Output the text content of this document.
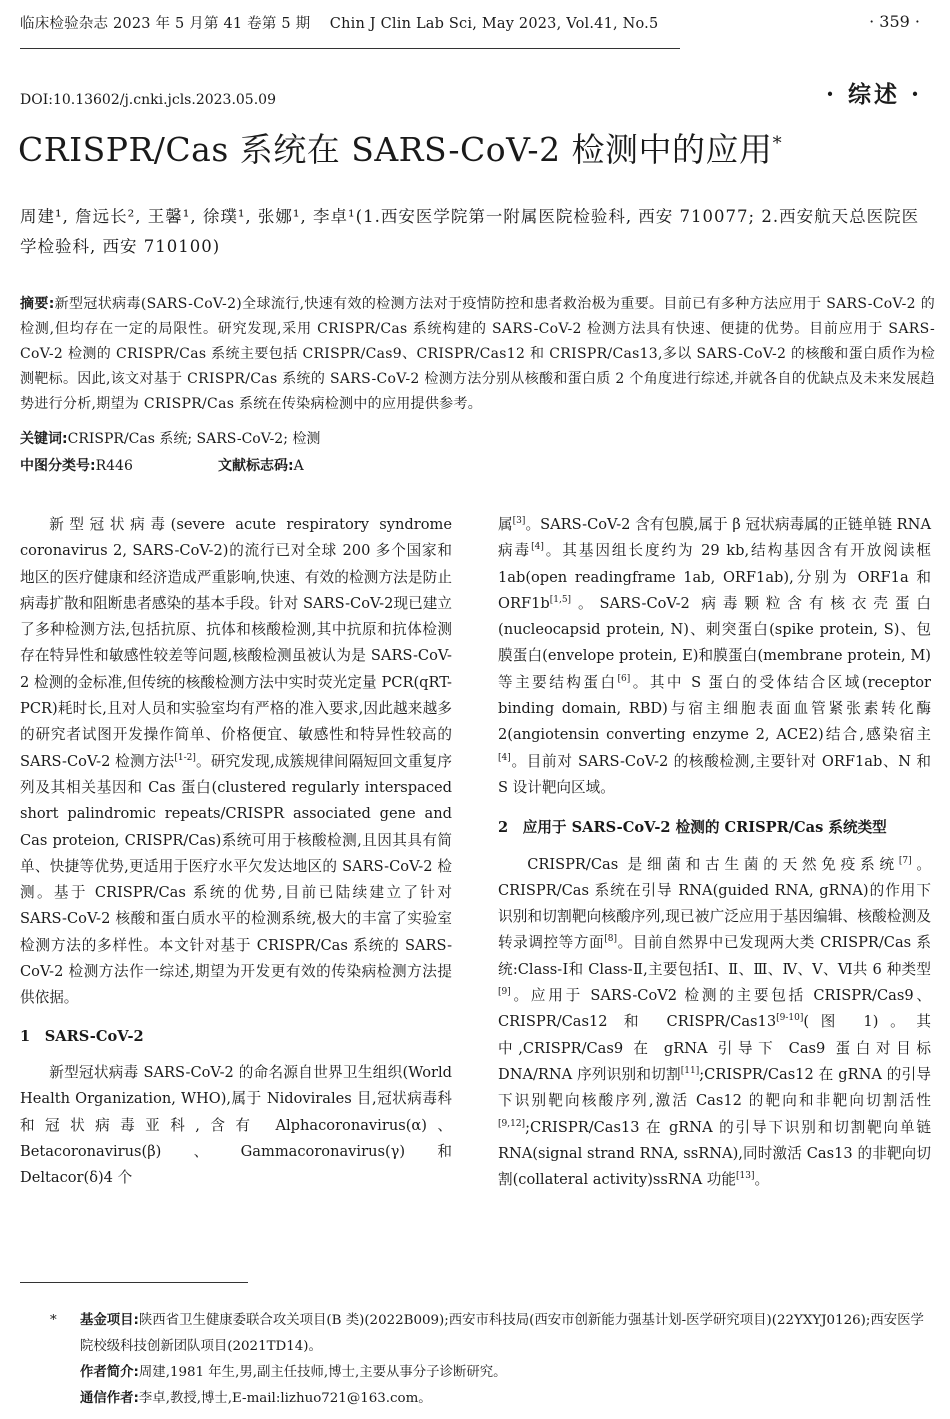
临床检验杂志 2023 年 5 月第 41 卷第 5 期　 Chin J Clin Lab Sci, May 2023, Vol.41, No.5	· 359 ·
· 综述 ·
DOI:10.13602/j.cnki.jcls.2023.05.09
CRISPR/Cas 系统在 SARS-CoV-2 检测中的应用*
周建¹, 詹远长², 王馨¹, 徐璞¹, 张娜¹, 李卓¹(1.西安医学院第一附属医院检验科, 西安 710077; 2.西安航天总医院医学检验科, 西安 710100)
摘要:新型冠状病毒(SARS-CoV-2)全球流行,快速有效的检测方法对于疫情防控和患者救治极为重要。目前已有多种方法应用于 SARS-CoV-2 的检测,但均存在一定的局限性。研究发现,采用 CRISPR/Cas 系统构建的 SARS-CoV-2 检测方法具有快速、便捷的优势。目前应用于 SARS-CoV-2 检测的 CRISPR/Cas 系统主要包括 CRISPR/Cas9、CRISPR/Cas12 和 CRISPR/Cas13,多以 SARS-CoV-2 的核酸和蛋白质作为检测靶标。因此,该文对基于 CRISPR/Cas 系统的 SARS-CoV-2 检测方法分别从核酸和蛋白质 2 个角度进行综述,并就各自的优缺点及未来发展趋势进行分析,期望为 CRISPR/Cas 系统在传染病检测中的应用提供参考。
关键词:CRISPR/Cas 系统; SARS-CoV-2; 检测
中图分类号:R446	文献标志码:A

新型冠状病毒(severe acute respiratory syndrome coronavirus 2, SARS-CoV-2)的流行已对全球 200 多个国家和地区的医疗健康和经济造成严重影响,快速、有效的检测方法是防止病毒扩散和阻断患者感染的基本手段。针对 SARS-CoV-2现已建立了多种检测方法,包括抗原、抗体和核酸检测,其中抗原和抗体检测存在特异性和敏感性较差等问题,核酸检测虽被认为是 SARS-CoV-2 检测的金标准,但传统的核酸检测方法中实时荧光定量 PCR(qRT-PCR)耗时长,且对人员和实验室均有严格的准入要求,因此越来越多的研究者试图开发操作简单、价格便宜、敏感性和特异性较高的 SARS-CoV-2 检测方法[1-2]。研究发现,成簇规律间隔短回文重复序列及其相关基因和 Cas 蛋白(clustered regularly interspaced short palindromic repeats/CRISPR associated gene and Cas proteion, CRISPR/Cas)系统可用于核酸检测,且因其具有简单、快捷等优势,更适用于医疗水平欠发达地区的 SARS-CoV-2 检测。基于 CRISPR/Cas 系统的优势,目前已陆续建立了针对 SARS-CoV-2 核酸和蛋白质水平的检测系统,极大的丰富了实验室检测方法的多样性。本文针对基于 CRISPR/Cas 系统的 SARS-CoV-2 检测方法作一综述,期望为开发更有效的传染病检测方法提供依据。

1　SARS-CoV-2

新型冠状病毒 SARS-CoV-2 的命名源自世界卫生组织(World Health Organization, WHO),属于 Nidovirales 目,冠状病毒科和冠状病毒亚科,含有 Alphacoronavirus(α)、Betacoronavirus(β)、Gammacoronavirus(γ)和 Deltacor(δ)4 个

属[3]。SARS-CoV-2 含有包膜,属于 β 冠状病毒属的正链单链 RNA 病毒[4]。其基因组长度约为 29 kb,结构基因含有开放阅读框 1ab(open readingframe 1ab, ORF1ab),分别为 ORF1a 和 ORF1b[1,5]。SARS-CoV-2 病毒颗粒含有核衣壳蛋白(nucleocapsid protein, N)、刺突蛋白(spike protein, S)、包膜蛋白(envelope protein, E)和膜蛋白(membrane protein, M)等主要结构蛋白[6]。其中 S 蛋白的受体结合区域(receptor binding domain, RBD)与宿主细胞表面血管紧张素转化酶 2(angiotensin converting enzyme 2, ACE2)结合,感染宿主[4]。目前对 SARS-CoV-2 的核酸检测,主要针对 ORF1ab、N 和 S 设计靶向区域。

2　应用于 SARS-CoV-2 检测的 CRISPR/Cas 系统类型

CRISPR/Cas 是细菌和古生菌的天然免疫系统[7]。CRISPR/Cas 系统在引导 RNA(guided RNA, gRNA)的作用下识别和切割靶向核酸序列,现已被广泛应用于基因编辑、核酸检测及转录调控等方面[8]。目前自然界中已发现两大类 CRISPR/Cas 系统:Class-Ⅰ和 Class-Ⅱ,主要包括Ⅰ、Ⅱ、Ⅲ、Ⅳ、Ⅴ、Ⅵ共 6 种类型[9]。应用于 SARS-CoV2 检测的主要包括 CRISPR/Cas9、CRISPR/Cas12 和 CRISPR/Cas13[9-10](图 1)。其中,CRISPR/Cas9 在 gRNA 引导下 Cas9 蛋白对目标 DNA/RNA 序列识别和切割[11];CRISPR/Cas12 在 gRNA 的引导下识别靶向核酸序列,激活 Cas12 的靶向和非靶向切割活性[9,12];CRISPR/Cas13 在 gRNA 的引导下识别和切割靶向单链 RNA(signal strand RNA, ssRNA),同时激活 Cas13 的非靶向切割(collateral activity)ssRNA 功能[13]。

* 基金项目:陕西省卫生健康委联合攻关项目(B 类)(2022B009);西安市科技局(西安市创新能力强基计划-医学研究项目)(22YXYJ0126);西安医学院校级科技创新团队项目(2021TD14)。
作者简介:周建,1981 年生,男,副主任技师,博士,主要从事分子诊断研究。
通信作者:李卓,教授,博士,E-mail:lizhuo721@163.com。
